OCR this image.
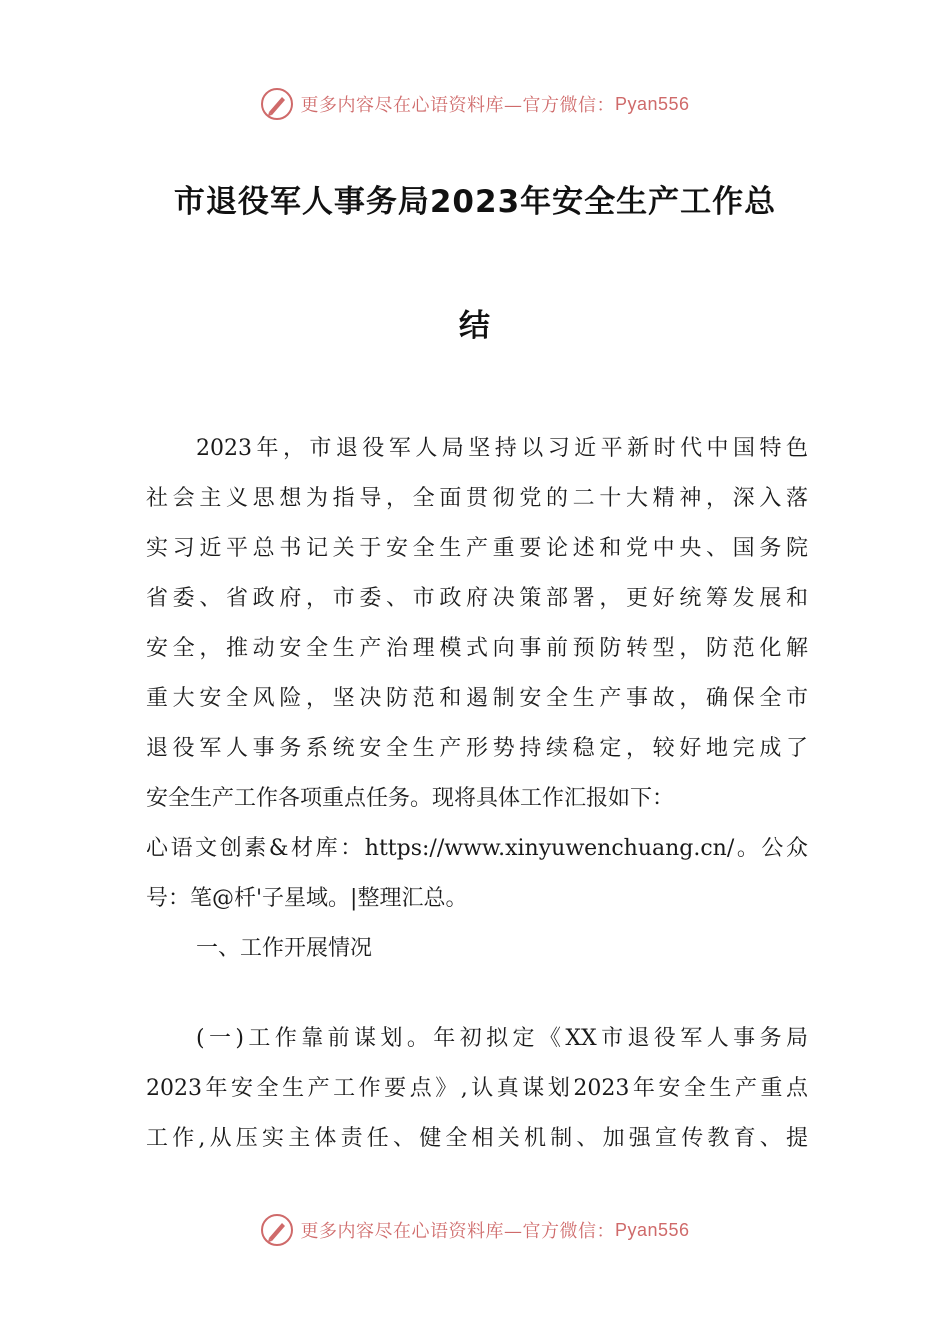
更多内容尽在心语资料库—官方微信： Pyan556
市退役军人事务局2023年安全生产工作总
结
2023年，市退役军人局坚持以习近平新时代中国特色
社会主义思想为指导，全面贯彻党的二十大精神，深入落
实习近平总书记关于安全生产重要论述和党中央、国务院
省委、省政府，市委、市政府决策部署，更好统筹发展和
安全，推动安全生产治理模式向事前预防转型，防范化解
重大安全风险，坚决防范和遏制安全生产事故，确保全市
退役军人事务系统安全生产形势持续稳定，较好地完成了
安全生产工作各项重点任务。现将具体工作汇报如下：
心语文创素&材库：https://www.xinyuwenchuang.cn/。公众
号：笔@杄'子星域。|整理汇总。
一、工作开展情况
(一)工作靠前谋划。年初拟定《XX市退役军人事务局
2023年安全生产工作要点》,认真谋划2023年安全生产重点
工作,从压实主体责任、健全相关机制、加强宣传教育、提
更多内容尽在心语资料库—官方微信： Pyan556
